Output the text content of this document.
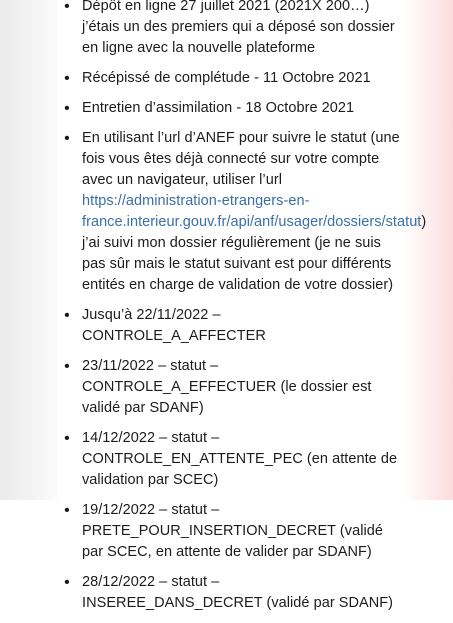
• Dépôt en ligne 27 juillet 2021 (2021X 200…) j’étais un des premiers qui a déposé son dossier en ligne avec la nouvelle plateforme
• Récépissé de complétude - 11 Octobre 2021
• Entretien d’assimilation - 18 Octobre 2021
• En utilisant l’url d’ANEF pour suivre le statut (une fois vous êtes déjà connecté sur votre compte avec un navigateur, utiliser l’url https://administration-etrangers-en-france.interieur.gouv.fr/api/anf/usager/dossiers/statut) j’ai suivi mon dossier régulièrement (je ne suis pas sûr mais le statut suivant est pour différents entités en charge de validation de votre dossier)
• Jusqu’à 22/11/2022 – CONTROLE_A_AFFECTER
• 23/11/2022 – statut – CONTROLE_A_EFFECTUER (le dossier est validé par SDANF)
• 14/12/2022 – statut – CONTROLE_EN_ATTENTE_PEC (en attente de validation par SCEC)
• 19/12/2022 – statut – PRETE_POUR_INSERTION_DECRET (validé par SCEC, en attente de valider par SDANF)
• 28/12/2022 – statut – INSEREE_DANS_DECRET (validé par SDANF)
